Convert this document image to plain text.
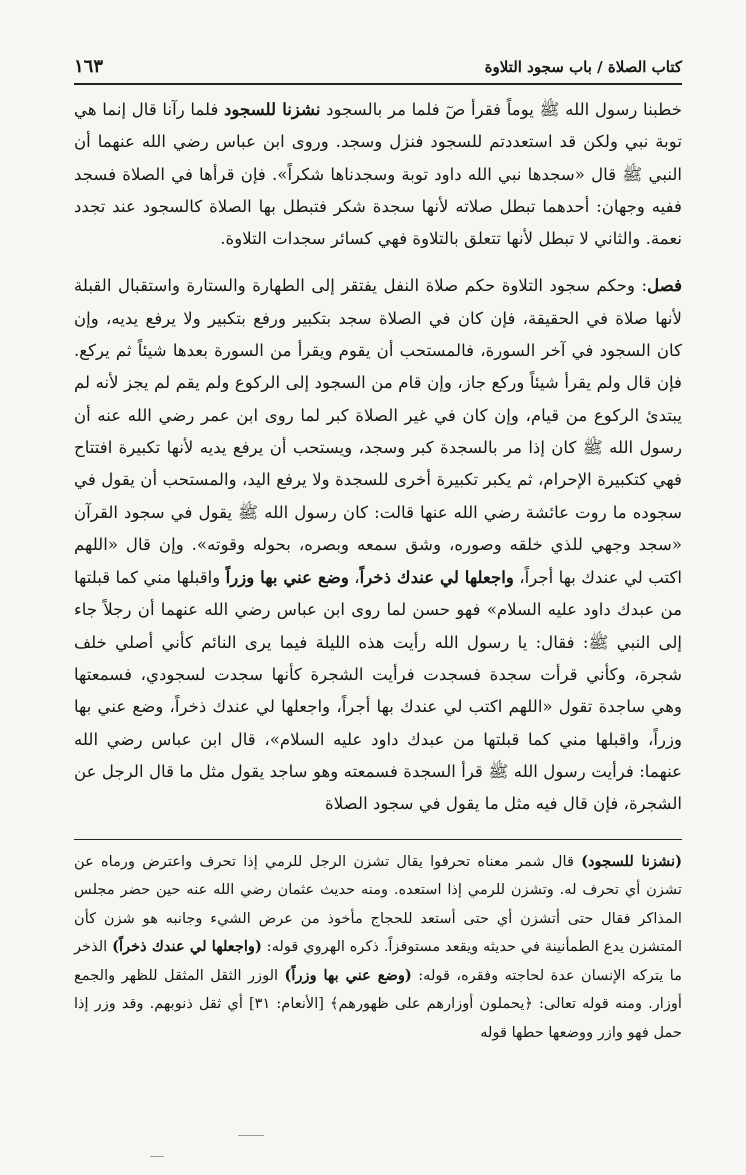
كتاب الصلاة / باب سجود التلاوة
١٦٣

خطبنا رسول الله ﷺ يوماً فقرأ صٓ فلما مر بالسجود نشزنا للسجود فلما رآنا قال إنما هي توبة نبي ولكن قد استعددتم للسجود فنزل وسجد. وروى ابن عباس رضي الله عنهما أن النبي ﷺ قال «سجدها نبي الله داود توبة وسجدناها شكراً». فإن قرأها في الصلاة فسجد ففيه وجهان: أحدهما تبطل صلاته لأنها سجدة شكر فتبطل بها الصلاة كالسجود عند تجدد نعمة. والثاني لا تبطل لأنها تتعلق بالتلاوة فهي كسائر سجدات التلاوة.

فصل: وحكم سجود التلاوة حكم صلاة النفل يفتقر إلى الطهارة والستارة واستقبال القبلة لأنها صلاة في الحقيقة، فإن كان في الصلاة سجد بتكبير ورفع بتكبير ولا يرفع يديه، وإن كان السجود في آخر السورة، فالمستحب أن يقوم ويقرأ من السورة بعدها شيئاً ثم يركع. فإن قال ولم يقرأ شيئاً وركع جاز، وإن قام من السجود إلى الركوع ولم يقم لم يجز لأنه لم يبتدئ الركوع من قيام، وإن كان في غير الصلاة كبر لما روى ابن عمر رضي الله عنه أن رسول الله ﷺ كان إذا مر بالسجدة كبر وسجد، ويستحب أن يرفع يديه لأنها تكبيرة افتتاح فهي كتكبيرة الإحرام، ثم يكبر تكبيرة أخرى للسجدة ولا يرفع اليد، والمستحب أن يقول في سجوده ما روت عائشة رضي الله عنها قالت: كان رسول الله ﷺ يقول في سجود القرآن «سجد وجهي للذي خلقه وصوره، وشق سمعه وبصره، بحوله وقوته». وإن قال «اللهم اكتب لي عندك بها أجراً، واجعلها لي عندك ذخراً، وضع عني بها وزراً واقبلها مني كما قبلتها من عبدك داود عليه السلام» فهو حسن لما روى ابن عباس رضي الله عنهما أن رجلاً جاء إلى النبي ﷺ: فقال: يا رسول الله رأيت هذه الليلة فيما يرى النائم كأني أصلي خلف شجرة، وكأني قرأت سجدة فسجدت فرأيت الشجرة كأنها سجدت لسجودي، فسمعتها وهي ساجدة تقول «اللهم اكتب لي عندك بها أجراً، واجعلها لي عندك ذخراً، وضع عني بها وزراً، واقبلها مني كما قبلتها من عبدك داود عليه السلام»، قال ابن عباس رضي الله عنهما: فرأيت رسول الله ﷺ قرأ السجدة فسمعته وهو ساجد يقول مثل ما قال الرجل عن الشجرة، فإن قال فيه مثل ما يقول في سجود الصلاة

(نشزنا للسجود) قال شمر معناه تحرفوا يقال تشزن الرجل للرمي إذا تحرف واعترض ورماه عن تشزن أي تحرف له. وتشزن للرمي إذا استعده. ومنه حديث عثمان رضي الله عنه حين حضر مجلس المذاكر فقال حتى أتشزن أي حتى أستعد للحجاج مأخوذ من عرض الشيء وجانبه هو شزن كأن المتشزن يدع الطمأنينة في حديثه ويقعد مستوفزاً. ذكره الهروي قوله: (واجعلها لي عندك ذخراً) الذخر ما يتركه الإنسان عدة لحاجته وفقره، قوله: (وضع عني بها وزراً) الوزر الثقل المثقل للظهر والجمع أوزار. ومنه قوله تعالى: ﴿يحملون أوزارهم على ظهورهم﴾ [الأنعام: ٣١] أي ثقل ذنوبهم. وقد وزر إذا حمل فهو وازر ووضعها حطها قوله
